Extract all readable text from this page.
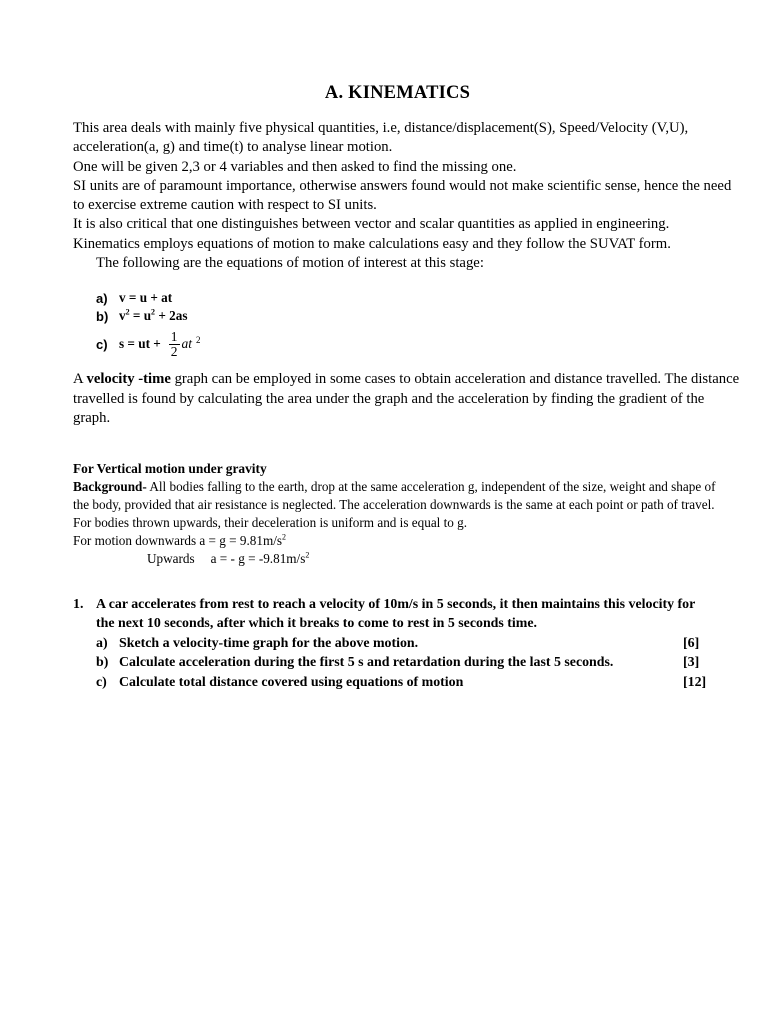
A. KINEMATICS

This area deals with mainly five physical quantities, i.e, distance/displacement(S), Speed/Velocity (V,U), acceleration(a, g) and time(t) to analyse linear motion.

One will be given 2,3 or 4 variables and then asked to find the missing one.

SI units are of paramount importance, otherwise answers found would not make scientific sense, hence the need to exercise extreme caution with respect to SI units.

It is also critical that one distinguishes between vector and scalar quantities as applied in engineering.

Kinematics employs equations of motion to make calculations easy and they follow the SUVAT form.

The following are the equations of motion of interest at this stage:

a) v = u + at
b) $v^2 = u^2 + 2as$
c) s = ut + $\frac{1}{2}$ at $^2$

A velocity -time graph can be employed in some cases to obtain acceleration and distance travelled. The distance travelled is found by calculating the area under the graph and the acceleration by finding the gradient of the graph.

For Vertical motion under gravity

Background- All bodies falling to the earth, drop at the same acceleration g, independent of the size, weight and shape of the body, provided that air resistance is neglected. The acceleration downwards is the same at each point or path of travel. For bodies thrown upwards, their deceleration is uniform and is equal to g.

For motion downwards $a = g = 9.81m/s^2$

Upwards a = - $g = -9.81m/s^2$

1. A car accelerates from rest to reach a velocity of 10m/s in 5 seconds, it then maintains this velocity for the next 10 seconds, after which it breaks to come to rest in 5 seconds time.
a) Sketch a velocity-time graph for the above motion.	[6]
b) Calculate acceleration during the first 5 s and retardation during the last 5 seconds.	[3]
c) Calculate total distance covered using equations of motion	[12]
